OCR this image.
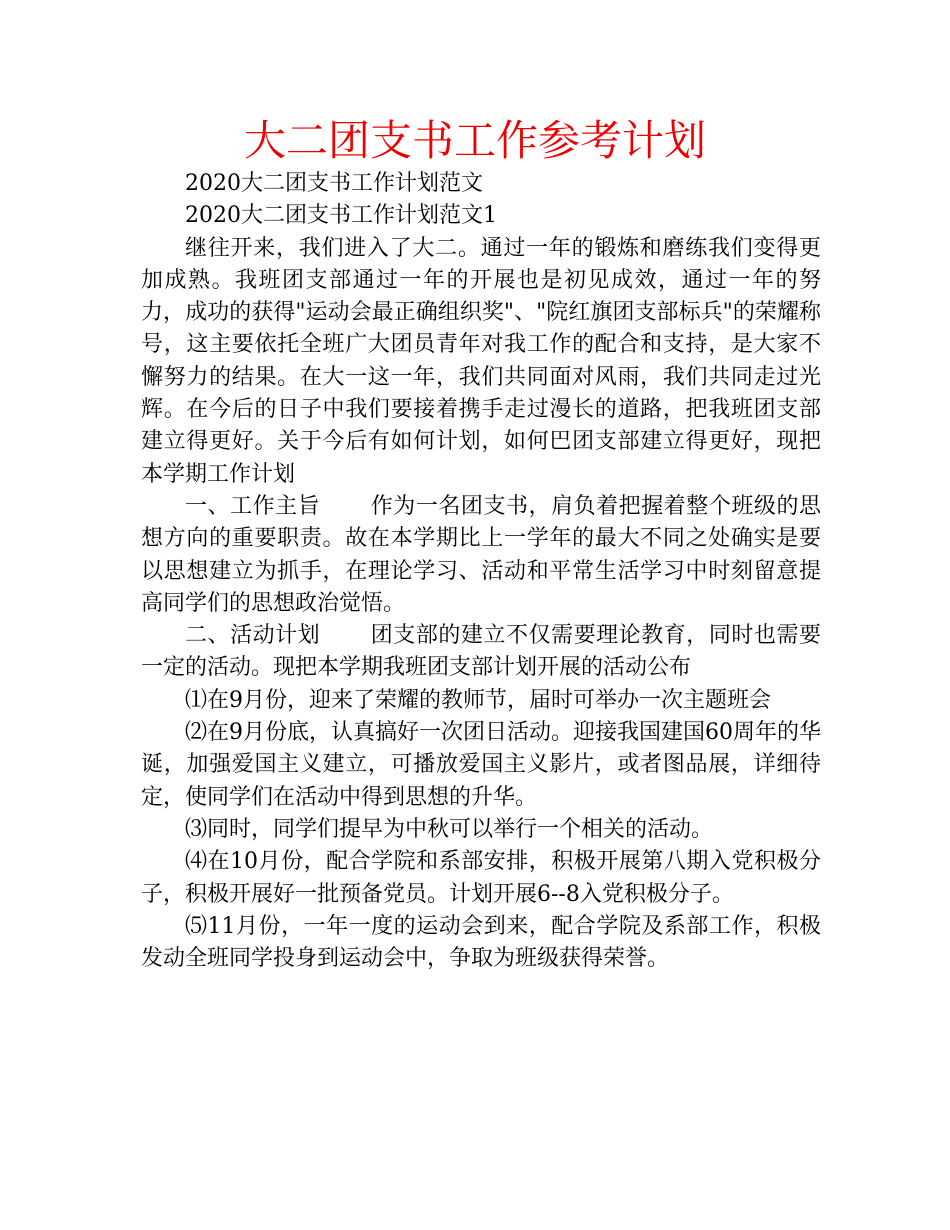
大二团支书工作参考计划

2020大二团支书工作计划范文

2020大二团支书工作计划范文1

继往开来，我们进入了大二。通过一年的锻炼和磨练我们变得更加成熟。我班团支部通过一年的开展也是初见成效，通过一年的努力，成功的获得"运动会最正确组织奖"、"院红旗团支部标兵"的荣耀称号，这主要依托全班广大团员青年对我工作的配合和支持，是大家不懈努力的结果。在大一这一年，我们共同面对风雨，我们共同走过光辉。在今后的日子中我们要接着携手走过漫长的道路，把我班团支部建立得更好。关于今后有如何计划，如何巴团支部建立得更好，现把本学期工作计划

一、工作主旨 作为一名团支书，肩负着把握着整个班级的思想方向的重要职责。故在本学期比上一学年的最大不同之处确实是要以思想建立为抓手，在理论学习、活动和平常生活学习中时刻留意提高同学们的思想政治觉悟。

二、活动计划 团支部的建立不仅需要理论教育，同时也需要一定的活动。现把本学期我班团支部计划开展的活动公布

⑴在9月份，迎来了荣耀的教师节，届时可举办一次主题班会

⑵在9月份底，认真搞好一次团日活动。迎接我国建国60周年的华诞，加强爱国主义建立，可播放爱国主义影片，或者图品展，详细待定，使同学们在活动中得到思想的升华。

⑶同时，同学们提早为中秋可以举行一个相关的活动。

⑷在10月份，配合学院和系部安排，积极开展第八期入党积极分子，积极开展好一批预备党员。计划开展6--8入党积极分子。

⑸11月份，一年一度的运动会到来，配合学院及系部工作，积极发动全班同学投身到运动会中，争取为班级获得荣誉。
